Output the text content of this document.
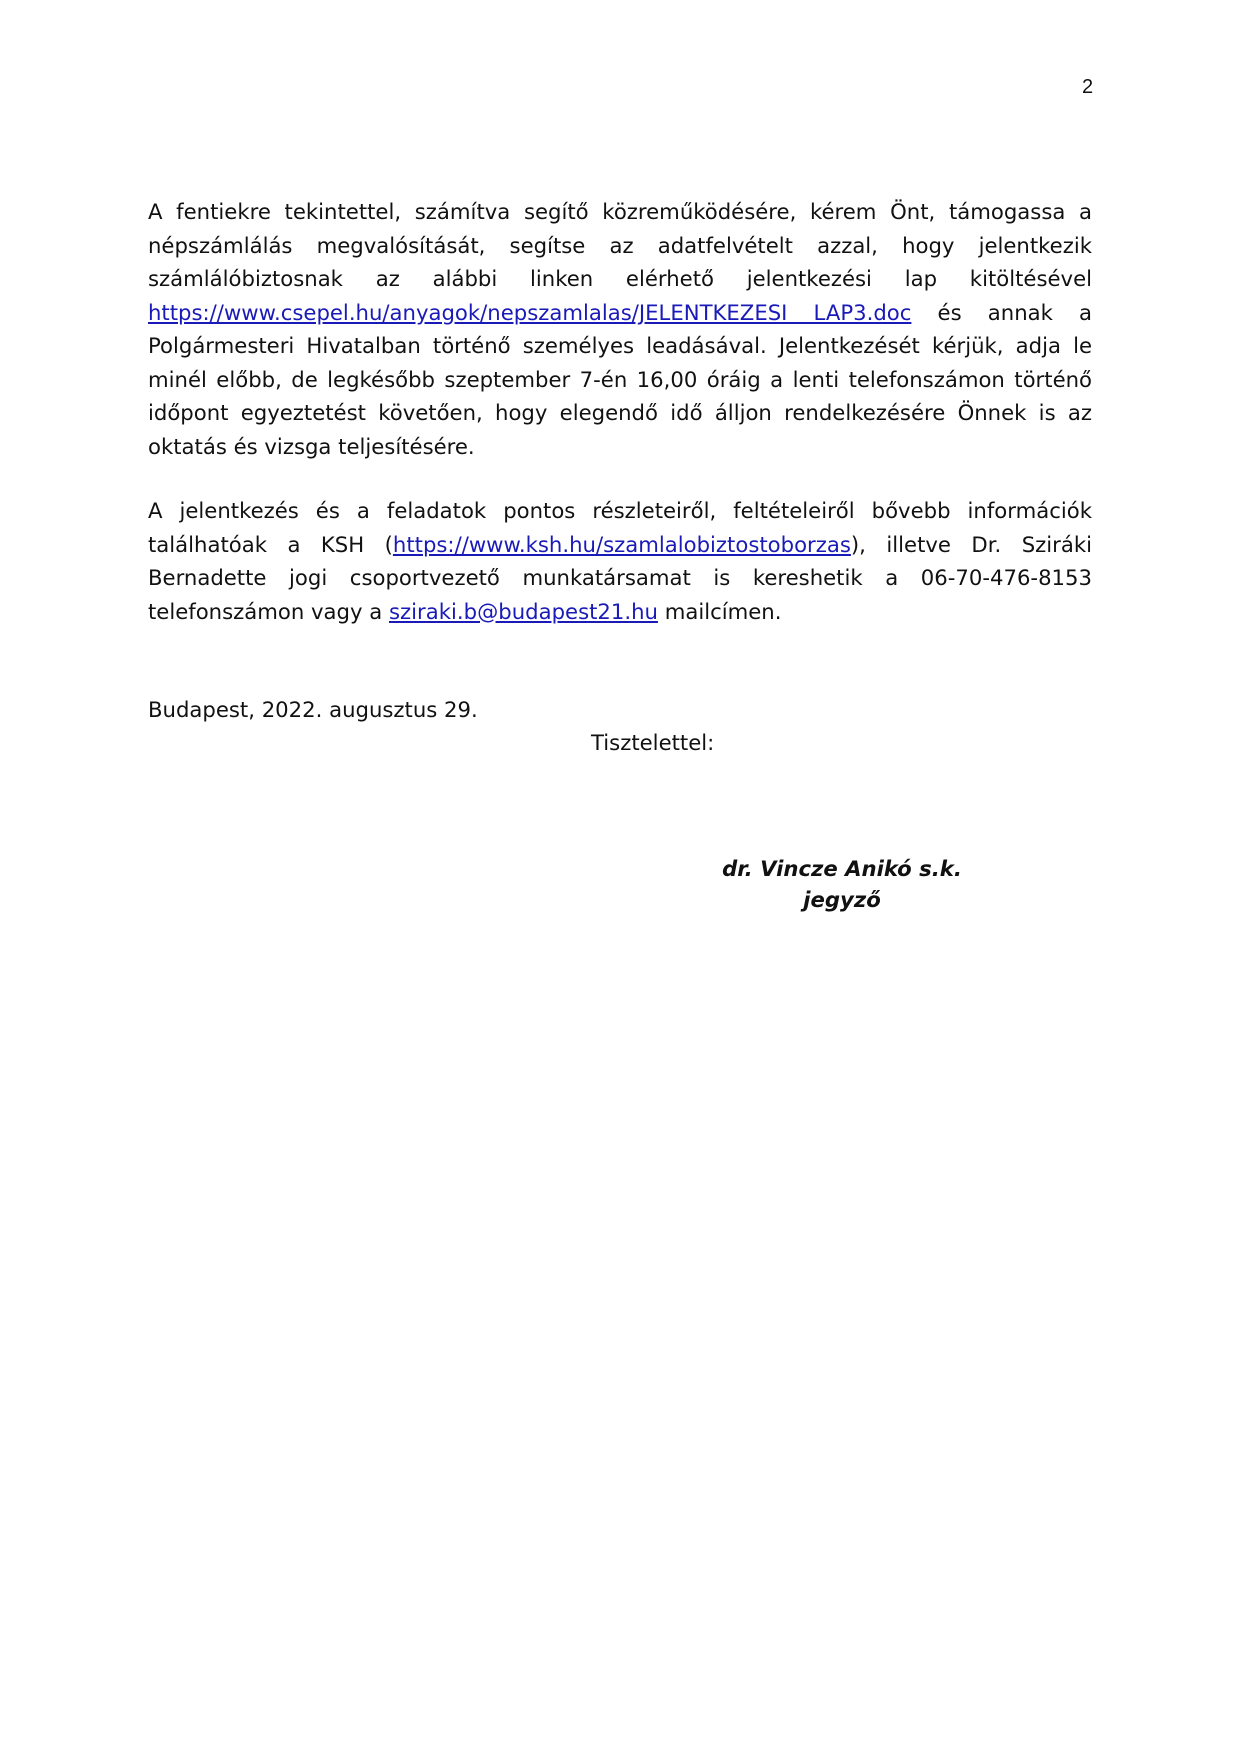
2

A fentiekre tekintettel, számítva segítő közreműködésére, kérem Önt, támogassa a népszámlálás megvalósítását, segítse az adatfelvételt azzal, hogy jelentkezik számlálóbiztosnak az alábbi linken elérhető jelentkezési lap kitöltésével https://www.csepel.hu/anyagok/nepszamlalas/JELENTKEZESI LAP3.doc és annak a Polgármesteri Hivatalban történő személyes leadásával. Jelentkezését kérjük, adja le minél előbb, de legkésőbb szeptember 7-én 16,00 óráig a lenti telefonszámon történő időpont egyeztetést követően, hogy elegendő idő álljon rendelkezésére Önnek is az oktatás és vizsga teljesítésére.

A jelentkezés és a feladatok pontos részleteiről, feltételeiről bővebb információk találhatóak a KSH (https://www.ksh.hu/szamlalobiztostoborzas), illetve Dr. Sziráki Bernadette jogi csoportvezető munkatársamat is kereshetik a 06-70-476-8153 telefonszámon vagy a sziraki.b@budapest21.hu mailcímen.

Budapest, 2022. augusztus 29.
Tisztelettel:
dr. Vincze Anikó s.k.
jegyző
